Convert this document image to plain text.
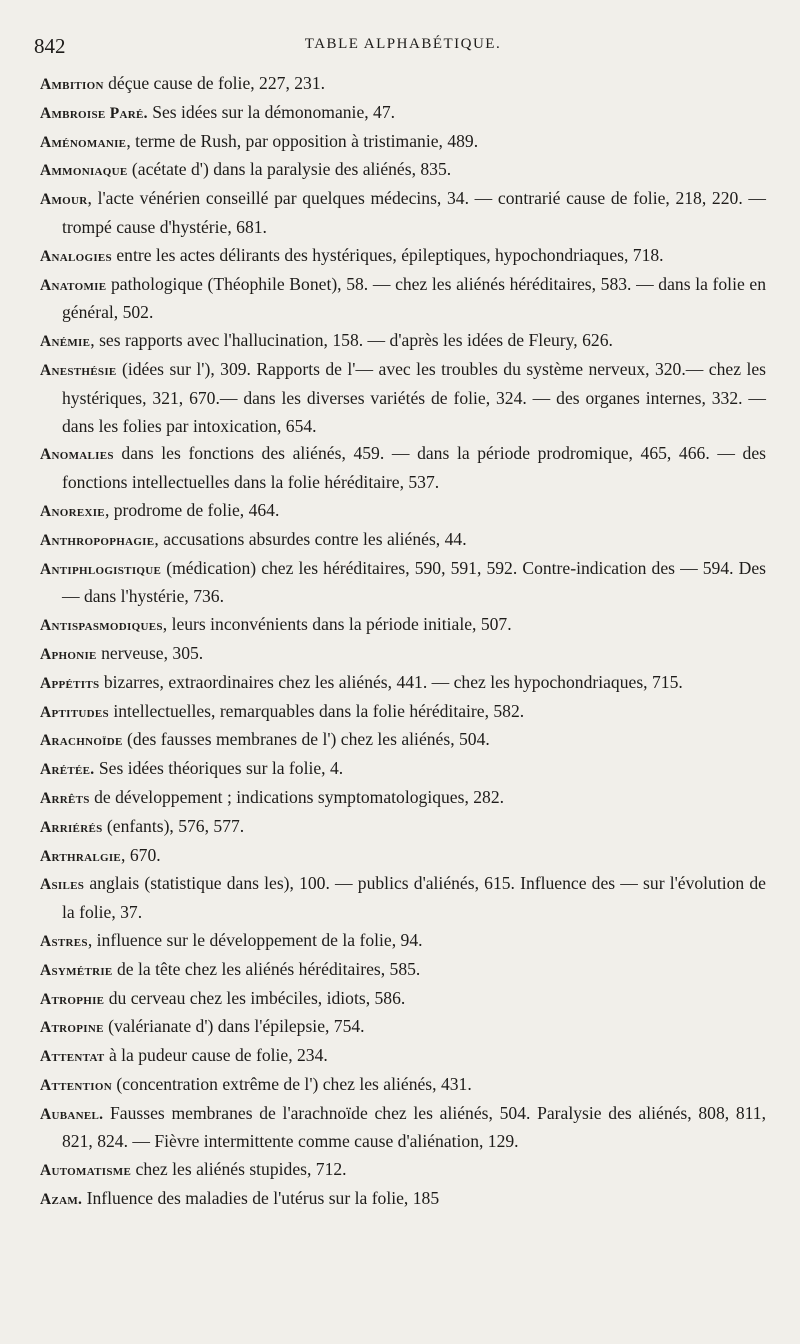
842	TABLE ALPHABÉTIQUE.

Ambition déçue cause de folie, 227, 231.

Ambroise Paré. Ses idées sur la démonomanie, 47.

Aménomanie, terme de Rush, par opposition à tristimanie, 489.

Ammoniaque (acétate d') dans la paralysie des aliénés, 835.

Amour, l'acte vénérien conseillé par quelques médecins, 34. — contrarié cause de folie, 218, 220. — trompé cause d'hystérie, 681.

Analogies entre les actes délirants des hystériques, épileptiques, hypochondriaques, 718.

Anatomie pathologique (Théophile Bonet), 58. — chez les aliénés héréditaires, 583. — dans la folie en général, 502.

Anémie, ses rapports avec l'hallucination, 158. — d'après les idées de Fleury, 626.

Anesthésie (idées sur l'), 309. Rapports de l'— avec les troubles du système nerveux, 320.— chez les hystériques, 321, 670.— dans les diverses variétés de folie, 324. — des organes internes, 332. — dans les folies par intoxication, 654.

Anomalies dans les fonctions des aliénés, 459. — dans la période prodromique, 465, 466. — des fonctions intellectuelles dans la folie héréditaire, 537.

Anorexie, prodrome de folie, 464.

Anthropophagie, accusations absurdes contre les aliénés, 44.

Antiphlogistique (médication) chez les héréditaires, 590, 591, 592. Contre-indication des — 594. Des — dans l'hystérie, 736.

Antispasmodiques, leurs inconvénients dans la période initiale, 507.

Aphonie nerveuse, 305.

Appétits bizarres, extraordinaires chez les aliénés, 441. — chez les hypochondriaques, 715.

Aptitudes intellectuelles, remarquables dans la folie héréditaire, 582.

Arachnoïde (des fausses membranes de l') chez les aliénés, 504.

Arétée. Ses idées théoriques sur la folie, 4.

Arrêts de développement ; indications symptomatologiques, 282.

Arriérés (enfants), 576, 577.

Arthralgie, 670.

Asiles anglais (statistique dans les), 100. — publics d'aliénés, 615. Influence des — sur l'évolution de la folie, 37.

Astres, influence sur le développement de la folie, 94.

Asymétrie de la tête chez les aliénés héréditaires, 585.

Atrophie du cerveau chez les imbéciles, idiots, 586.

Atropine (valérianate d') dans l'épilepsie, 754.

Attentat à la pudeur cause de folie, 234.

Attention (concentration extrême de l') chez les aliénés, 431.

Aubanel. Fausses membranes de l'arachnoïde chez les aliénés, 504. Paralysie des aliénés, 808, 811, 821, 824. — Fièvre intermittente comme cause d'aliénation, 129.

Automatisme chez les aliénés stupides, 712.

Azam. Influence des maladies de l'utérus sur la folie, 185
